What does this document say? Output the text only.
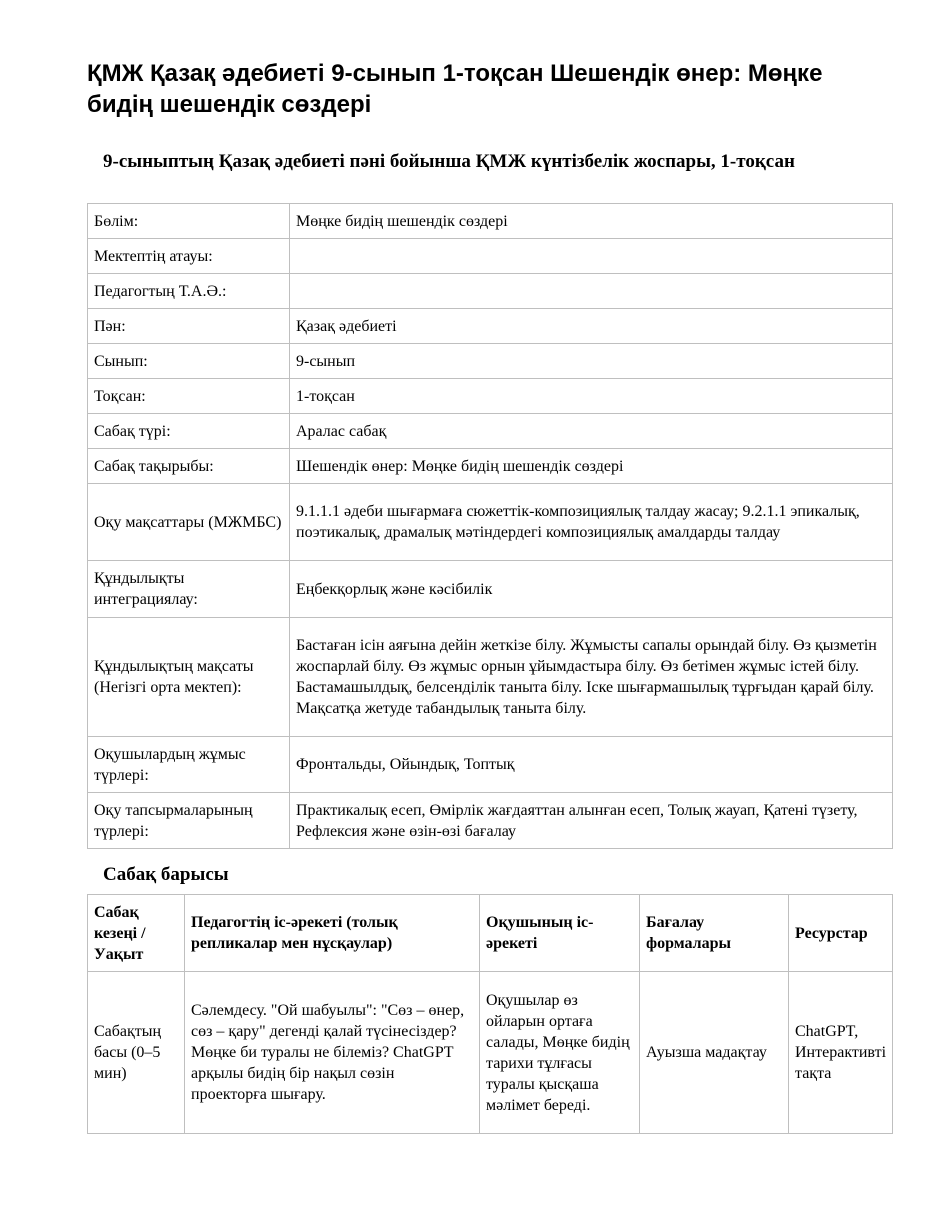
ҚМЖ Қазақ әдебиеті 9-сынып 1-тоқсан Шешендік өнер: Мөңке бидің шешендік сөздері
9-сыныптың Қазақ әдебиеті пәні бойынша ҚМЖ күнтізбелік жоспары, 1-тоқсан
Бөлім:	Мөңке бидің шешендік сөздері
Мектептің атауы:	
Педагогтың Т.А.Ә.:	
Пән:	Қазақ әдебиеті
Сынып:	9-сынып
Тоқсан:	1-тоқсан
Сабақ түрі:	Аралас сабақ
Сабақ тақырыбы:	Шешендік өнер: Мөңке бидің шешендік сөздері
Оқу мақсаттары (МЖМБС)	9.1.1.1 әдеби шығармаға сюжеттік-композициялық талдау жасау; 9.2.1.1 эпикалық, поэтикалық, драмалық мәтіндердегі композициялық амалдарды талдау
Құндылықты интеграциялау:	Еңбекқорлық және кәсібилік
Құндылықтың мақсаты (Негізгі орта мектеп):	Бастаған ісін аяғына дейін жеткізе білу. Жұмысты сапалы орындай білу. Өз қызметін жоспарлай білу. Өз жұмыс орнын ұйымдастыра білу. Өз бетімен жұмыс істей білу. Бастамашылдық, белсенділік таныта білу. Іске шығармашылық тұрғыдан қарай білу. Мақсатқа жетуде табандылық таныта білу.
Оқушылардың жұмыс түрлері:	Фронтальды, Ойындық, Топтық
Оқу тапсырмаларының түрлері:	Практикалық есеп, Өмірлік жағдаяттан алынған есеп, Толық жауап, Қатені түзету, Рефлексия және өзін-өзі бағалау
Сабақ барысы
Сабақ кезеңі / Уақыт	Педагогтің іс-әрекеті (толық репликалар мен нұсқаулар)	Оқушының іс-әрекеті	Бағалау формалары	Ресурстар
Сабақтың басы (0–5 мин)	Сәлемдесу. "Ой шабуылы": "Сөз – өнер, сөз – қару" дегенді қалай түсінесіздер? Мөңке би туралы не білеміз? ChatGPT арқылы бидің бір нақыл сөзін проекторға шығару.	Оқушылар өз ойларын ортаға салады, Мөңке бидің тарихи тұлғасы туралы қысқаша мәлімет береді.	Ауызша мадақтау	ChatGPT, Интерактивті тақта
